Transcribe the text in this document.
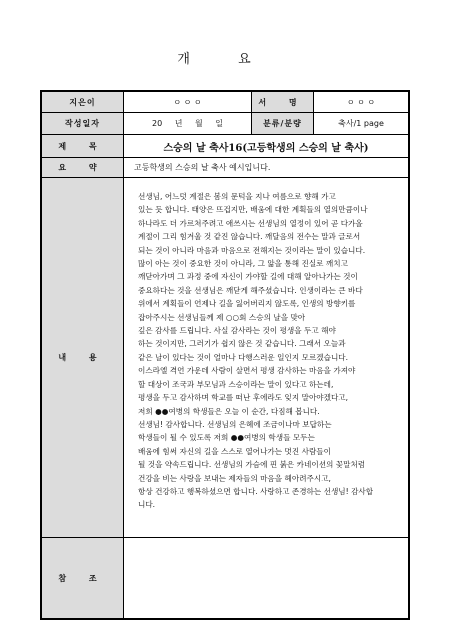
개 요
지은이	ㅇ ㅇ ㅇ	서 명	ㅇ ㅇ ㅇ
작성일자	20 년 월 일	분류/분량	축사/1 page
제 목	스승의 날 축사16(고등학생의 스승의 날 축사)
요 약	고등학생의 스승의 날 축사 예시입니다.
내 용
선생님, 어느덧 계절은 봄의 문턱을 지나 여름으로 향해 가고
있는 듯 합니다. 태양은 뜨겁지만, 배움에 대한 계획들의 열의만큼이나
하나라도 더 가르쳐주려고 애쓰시는 선생님의 열정이 있어 곧 다가올
계절이 그리 힘겨울 것 같진 않습니다. 깨달음의 전수는 말과 글로서
되는 것이 아니라 마음과 마음으로 전해지는 것이라는 말이 있습니다.
많이 아는 것이 중요한 것이 아니라, 그 앎을 통해 진실로 깨치고
깨닫아가며 그 과정 중에 자신이 가야할 길에 대해 알아나가는 것이
중요하다는 것을 선생님은 깨닫게 해주셨습니다. 인생이라는 큰 바다
위에서 계획들이 언제나 길을 잃어버리지 않도록, 인생의 방향키를
잡아주시는 선생님들께 제 ○○회 스승의 날을 맞아
깊은 감사를 드립니다. 사실 감사라는 것이 평생을 두고 해야
하는 것이지만, 그러기가 쉽지 않은 것 같습니다. 그래서 오늘과
같은 날이 있다는 것이 얼마나 다행스러운 일인지 모르겠습니다.
이스라엘 격언 가운데 사람이 살면서 평생 감사하는 마음을 가져야
할 대상이 조국과 부모님과 스승이라는 말이 있다고 하는데,
평생을 두고 감사하며 학교를 떠난 후에라도 잊지 말아야겠다고,
저희 ●●여병의 학생들은 오늘 이 순간, 다짐해 봅니다.
선생님! 감사합니다. 선생님의 은혜에 조금이나마 보답하는
학생들이 될 수 있도록 저희 ●●여병의 학생들 모두는
배움에 힘써 자신의 길을 스스로 열어나가는 멋진 사람들이
될 것을 약속드립니다. 선생님의 가슴에 핀 붉은 카네이션의 꽃말처럼
건강을 비는 사랑을 보내는 제자들의 마음을 헤아려주시고,
항상 건강하고 행복하셨으면 합니다. 사랑하고 존경하는 선생님! 감사합
니다.
참 조
